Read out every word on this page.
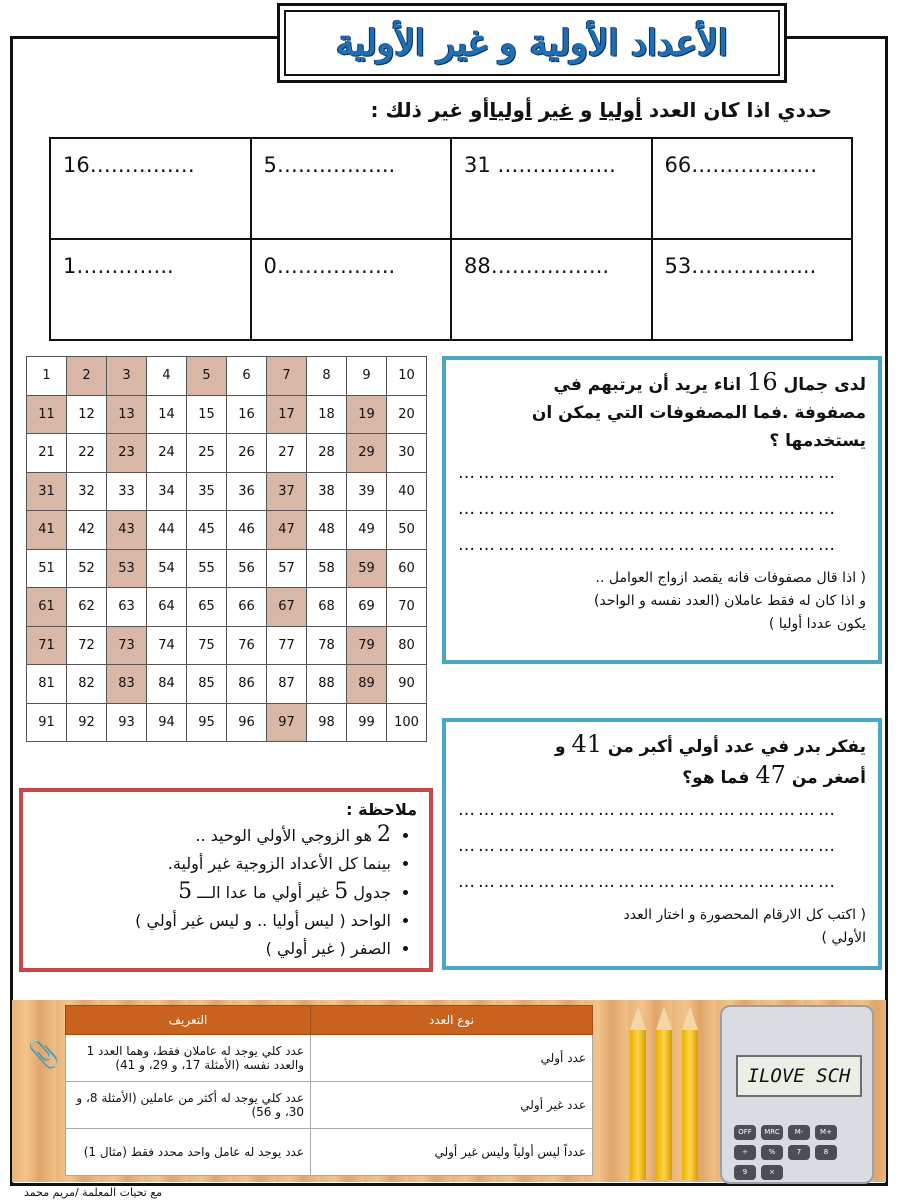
الأعداد الأولية و غير الأولية
حددي اذا كان العدد أوليا و غير أولياأو غير ذلك :
16……………	5……………..	31 ……………..	66………………
1…………..	0……………..	88……………..	53……………...
1	2	3	4	5	6	7	8	9	10
11	12	13	14	15	16	17	18	19	20
21	22	23	24	25	26	27	28	29	30
31	32	33	34	35	36	37	38	39	40
41	42	43	44	45	46	47	48	49	50
51	52	53	54	55	56	57	58	59	60
61	62	63	64	65	66	67	68	69	70
71	72	73	74	75	76	77	78	79	80
81	82	83	84	85	86	87	88	89	90
91	92	93	94	95	96	97	98	99	100
لدى جمال 16 اناء يريد أن يرتبهم في
مصفوفة .فما المصفوفات التي يمكن ان
يستخدمها ؟
…………………………………………………
…………………………………………………
…………………………………………………
( اذا قال مصفوفات فانه يقصد ازواج العوامل ..
و اذا كان له فقط عاملان (العدد نفسه و الواحد)
يكون عددا أوليا )
يفكر بدر في عدد أولي أكبر من 41 و
أصغر من 47 فما هو؟
…………………………………………………
…………………………………………………
…………………………………………………
( اكتب كل الارقام المحصورة و اختار العدد
الأولي )
ملاحظة :
• 2 هو الزوجي الأولي الوحيد ..
• بينما كل الأعداد الزوجية غير أولية.
• جدول 5 غير أولي ما عدا الـــ 5
• الواحد ( ليس أوليا .. و ليس غير أولي )
• الصفر ( غير أولي )
📎
نوع العدد	التعريف
عدد أولي	عدد كلي يوجد له عاملان فقط، وهما العدد 1 والعدد نفسه (الأمثلة 17، و 29، و 41)
عدد غير أولي	عدد كلي يوجد له أكثر من عاملين (الأمثلة 8، و 30، و 56)
عدداً ليس أولياً وليس غير أولي	عدد يوجد له عامل واحد محدد فقط (مثال 1)
ILOVE SCH
OFF	MRC	M-	M+
÷	%	7	8
9	×
مع تحيات المعلمة /مريم محمد
